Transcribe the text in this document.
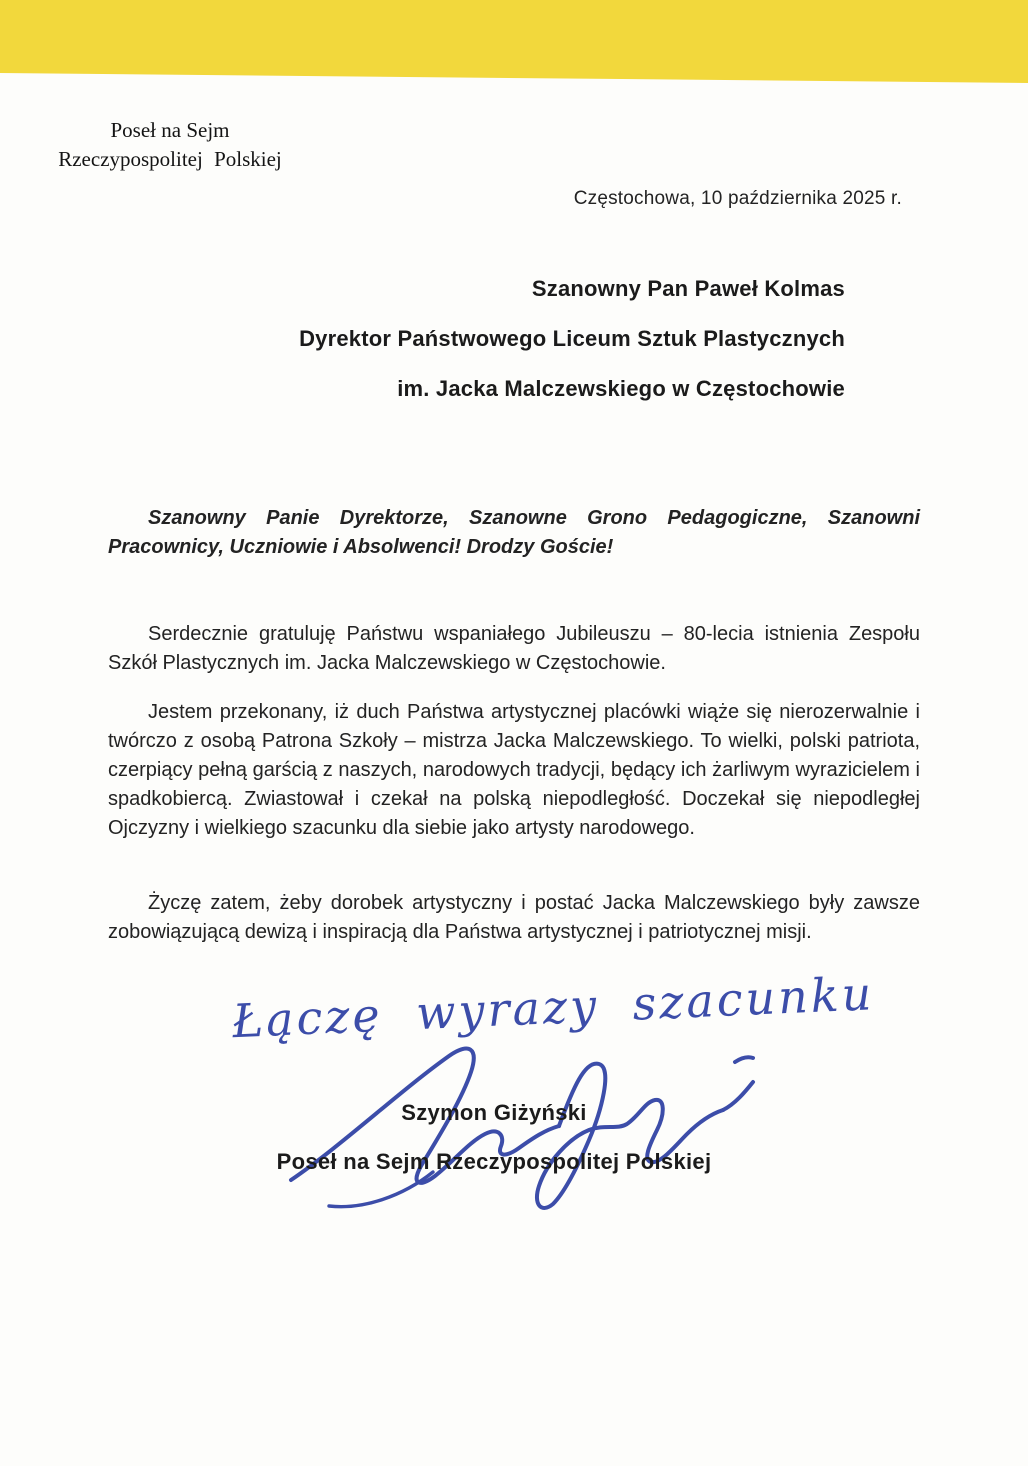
Poseł na Sejm
Rzeczypospolitej Polskiej
Częstochowa, 10 października 2025 r.
Szanowny Pan Paweł Kolmas
Dyrektor Państwowego Liceum Sztuk Plastycznych
im. Jacka Malczewskiego w Częstochowie
Szanowny Panie Dyrektorze, Szanowne Grono Pedagogiczne, Szanowni Pracownicy, Uczniowie i Absolwenci! Drodzy Goście!
Serdecznie gratuluję Państwu wspaniałego Jubileuszu – 80-lecia istnienia Zespołu Szkół Plastycznych im. Jacka Malczewskiego w Częstochowie.
Jestem przekonany, iż duch Państwa artystycznej placówki wiąże się nierozerwalnie i twórczo z osobą Patrona Szkoły – mistrza Jacka Malczewskiego. To wielki, polski patriota, czerpiący pełną garścią z naszych, narodowych tradycji, będący ich żarliwym wyrazicielem i spadkobiercą. Zwiastował i czekał na polską niepodległość. Doczekał się niepodległej Ojczyzny i wielkiego szacunku dla siebie jako artysty narodowego.
Życzę zatem, żeby dorobek artystyczny i postać Jacka Malczewskiego były zawsze zobowiązującą dewizą i inspiracją dla Państwa artystycznej i patriotycznej misji.
Łączę wyrazy szacunku
Szymon Giżyński
Poseł na Sejm Rzeczypospolitej Polskiej
